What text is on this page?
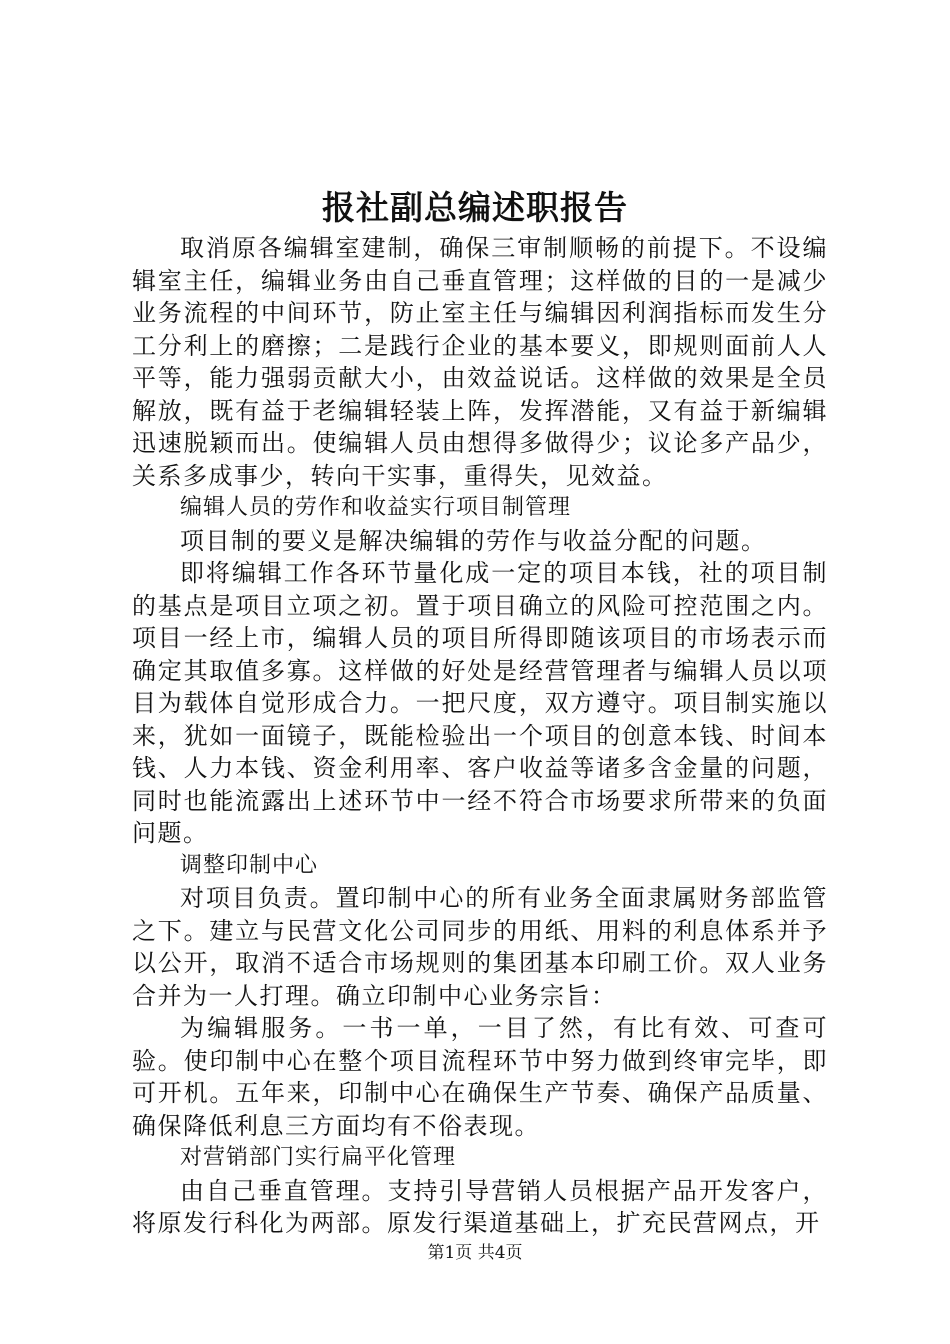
报社副总编述职报告

取消原各编辑室建制，确保三审制顺畅的前提下。不设编辑室主任，编辑业务由自己垂直管理；这样做的目的一是减少业务流程的中间环节，防止室主任与编辑因利润指标而发生分工分利上的磨擦；二是践行企业的基本要义，即规则面前人人平等，能力强弱贡献大小，由效益说话。这样做的效果是全员解放，既有益于老编辑轻装上阵，发挥潜能，又有益于新编辑迅速脱颖而出。使编辑人员由想得多做得少；议论多产品少，关系多成事少，转向干实事，重得失，见效益。

编辑人员的劳作和收益实行项目制管理

项目制的要义是解决编辑的劳作与收益分配的问题。

即将编辑工作各环节量化成一定的项目本钱，社的项目制的基点是项目立项之初。置于项目确立的风险可控范围之内。项目一经上市，编辑人员的项目所得即随该项目的市场表示而确定其取值多寡。这样做的好处是经营管理者与编辑人员以项目为载体自觉形成合力。一把尺度，双方遵守。项目制实施以来，犹如一面镜子，既能检验出一个项目的创意本钱、时间本钱、人力本钱、资金利用率、客户收益等诸多含金量的问题，同时也能流露出上述环节中一经不符合市场要求所带来的负面问题。

调整印制中心

对项目负责。置印制中心的所有业务全面隶属财务部监管之下。建立与民营文化公司同步的用纸、用料的利息体系并予以公开，取消不适合市场规则的集团基本印刷工价。双人业务合并为一人打理。确立印制中心业务宗旨：

为编辑服务。一书一单，一目了然，有比有效、可查可验。使印制中心在整个项目流程环节中努力做到终审完毕，即可开机。五年来，印制中心在确保生产节奏、确保产品质量、确保降低利息三方面均有不俗表现。

对营销部门实行扁平化管理

由自己垂直管理。支持引导营销人员根据产品开发客户，将原发行科化为两部。原发行渠道基础上，扩充民营网点，开

第1页 共4页
